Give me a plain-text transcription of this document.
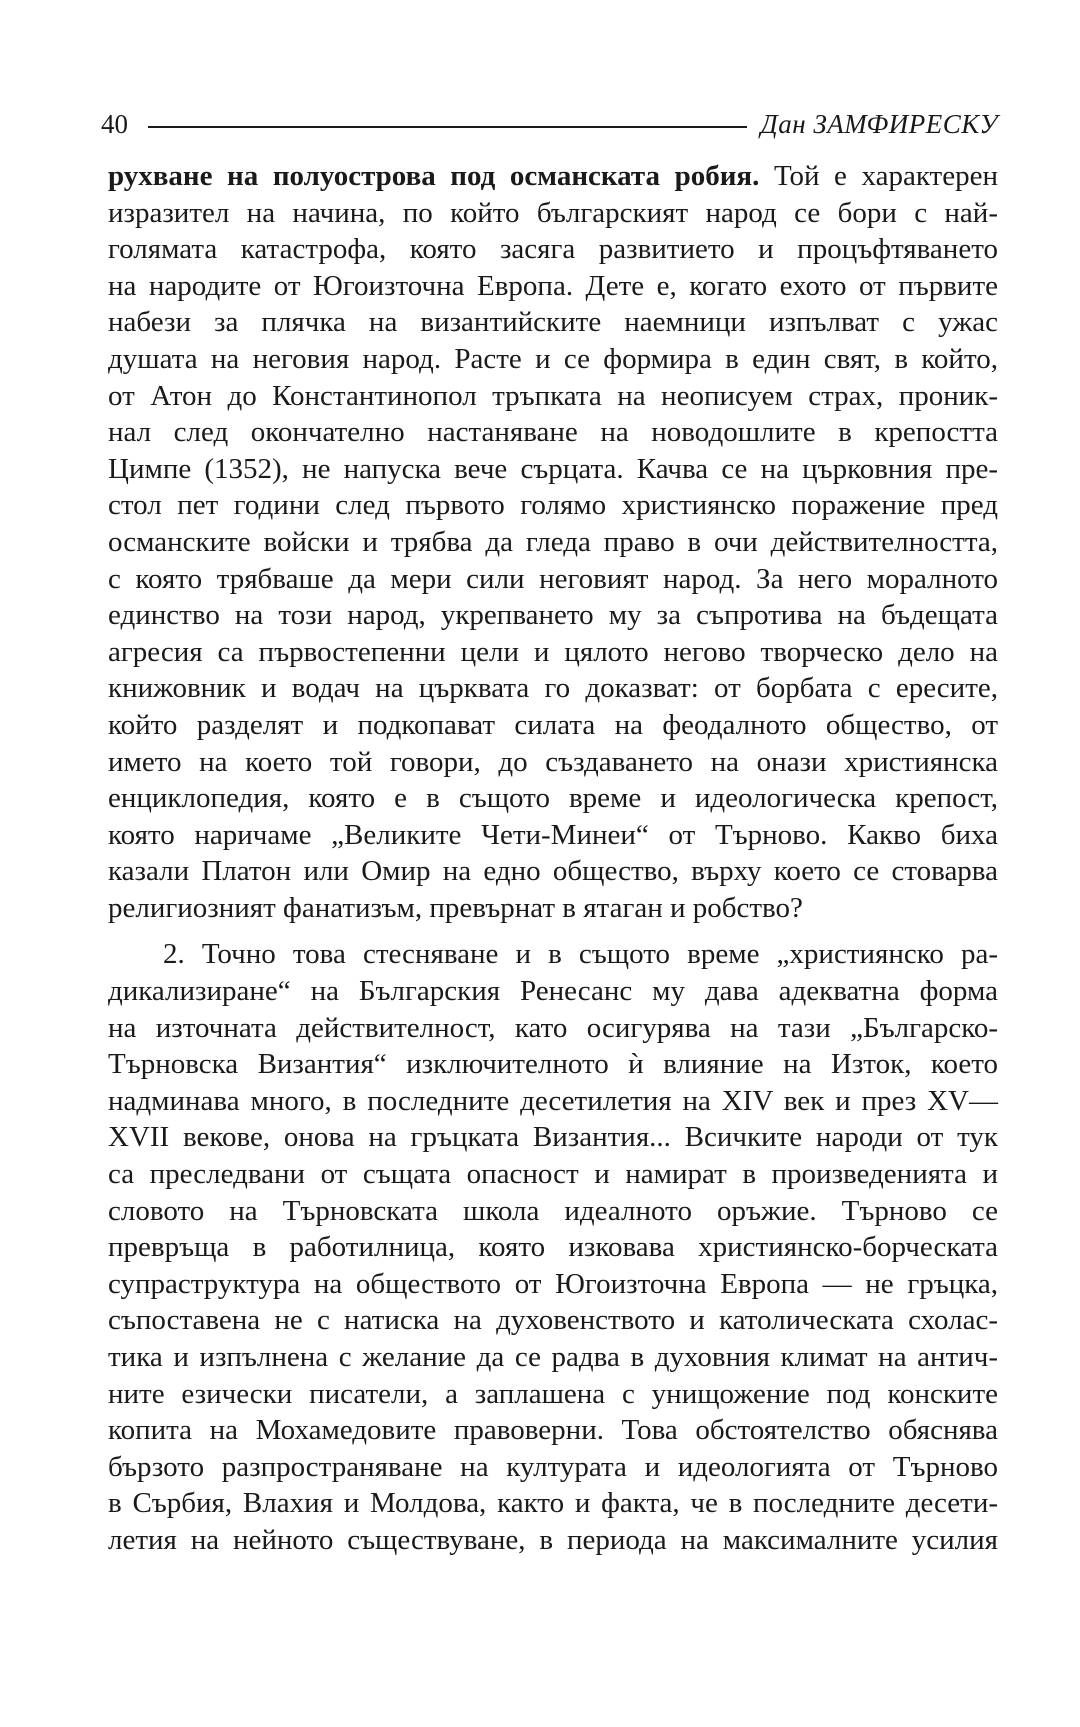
40	Дан ЗАМФИРЕСКУ
рухване на полуострова под османската робия. Той е характерен
изразител на начина, по който българският народ се бори с най-
голямата катастрофа, която засяга развитието и процъфтяването
на народите от Югоизточна Европа. Дете е, когато ехото от първите
набези за плячка на византийските наемници изпълват с ужас
душата на неговия народ. Расте и се формира в един свят, в който,
от Атон до Константинопол тръпката на неописуем страх, проник-
нал след окончателно настаняване на новодошлите в крепостта
Цимпе (1352), не напуска вече сърцата. Качва се на църковния пре-
стол пет години след първото голямо християнско поражение пред
османските войски и трябва да гледа право в очи действителността,
с която трябваше да мери сили неговият народ. За него моралното
единство на този народ, укрепването му за съпротива на бъдещата
агресия са първостепенни цели и цялото негово творческо дело на
книжовник и водач на църквата го доказват: от борбата с ересите,
който разделят и подкопават силата на феодалното общество, от
името на което той говори, до създаването на онази християнска
енциклопедия, която е в същото време и идеологическа крепост,
която наричаме „Великите Чети-Минеи“ от Търново. Какво биха
казали Платон или Омир на едно общество, върху което се стоварва
религиозният фанатизъм, превърнат в ятаган и робство?
2. Точно това стесняване и в същото време „християнско ра-
дикализиране“ на Българския Ренесанс му дава адекватна форма
на източната действителност, като осигурява на тази „Българско-
Търновска Византия“ изключителното ѝ влияние на Изток, което
надминава много, в последните десетилетия на XIV век и през XV—
XVII векове, онова на гръцката Византия... Всичките народи от тук
са преследвани от същата опасност и намират в произведенията и
словото на Търновската школа идеалното оръжие. Търново се
превръща в работилница, която изковава християнско-борческата
супраструктура на обществото от Югоизточна Европа — не гръцка,
съпоставена не с натиска на духовенството и католическата схолас-
тика и изпълнена с желание да се радва в духовния климат на антич-
ните езически писатели, а заплашена с унищожение под конските
копита на Мохамедовите правоверни. Това обстоятелство обяснява
бързото разпространяване на културата и идеологията от Търново
в Сърбия, Влахия и Молдова, както и факта, че в последните десети-
летия на нейното съществуване, в периода на максималните усилия
